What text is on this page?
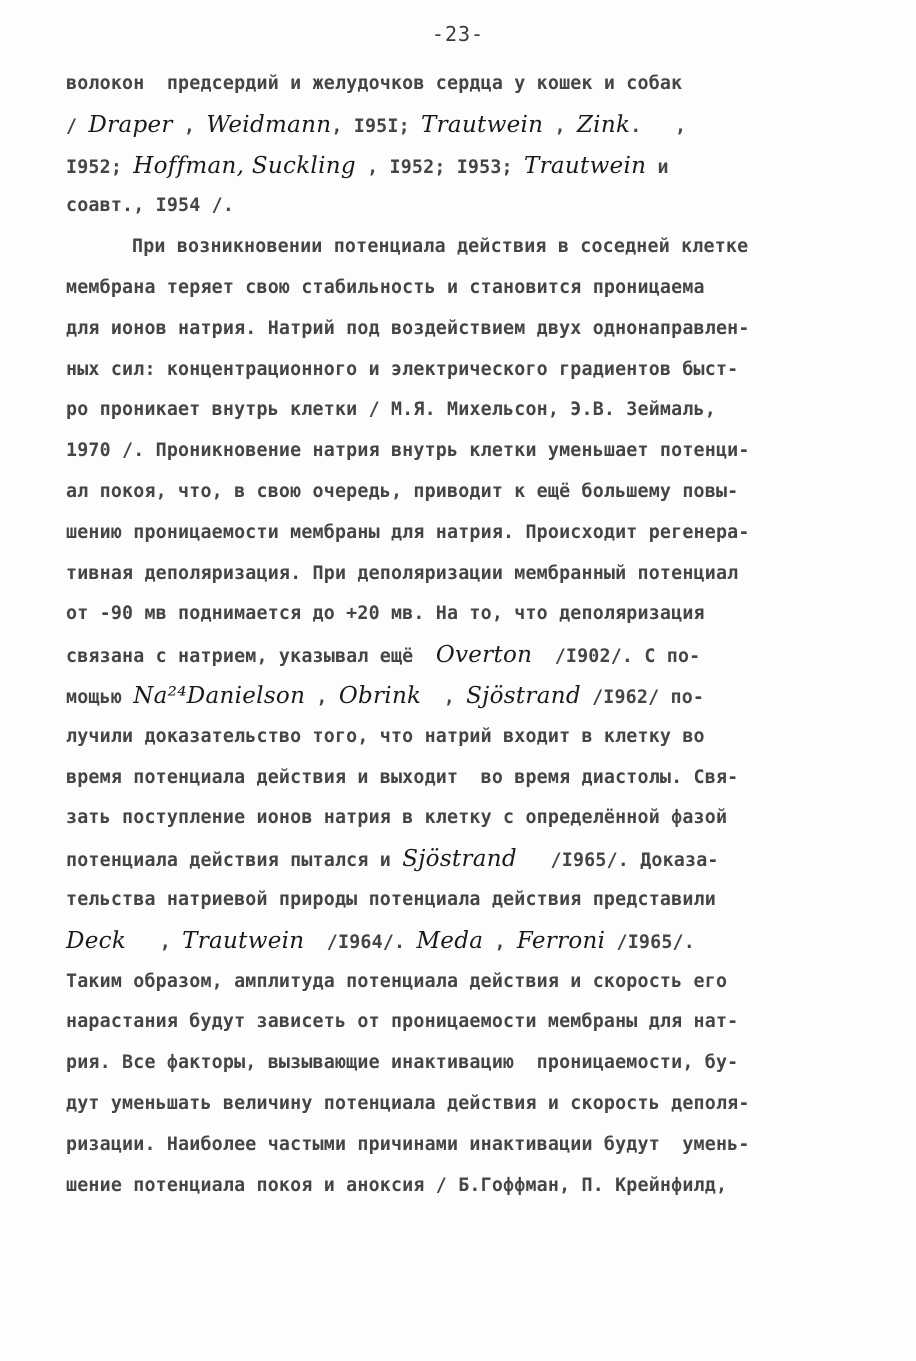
-23-
волокон  предсердий и желудочков сердца у кошек и собак
/ Draper , Weidmann, I95I; Trautwein , Zink.   ,
I952; Hoffman, Suckling , I952; I953; Trautwein и
соавт., I954 /.
При возникновении потенциала действия в соседней клетке
мембрана теряет свою стабильность и становится проницаема
для ионов натрия. Натрий под воздействием двух однонаправлен-
ных сил: концентрационного и электрического градиентов быст-
ро проникает внутрь клетки / М.Я. Михельсон, Э.В. Зеймаль,
1970 /. Проникновение натрия внутрь клетки уменьшает потенци-
ал покоя, что, в свою очередь, приводит к ещё большему повы-
шению проницаемости мембраны для натрия. Происходит регенера-
тивная деполяризация. При деполяризации мембранный потенциал
от -90 мв поднимается до +20 мв. На то, что деполяризация
связана с натрием, указывал ещё  Overton  /I902/. С по-
мощью Na²⁴Danielson , Obrink  , Sjöstrand /I962/ по-
лучили доказательство того, что натрий входит в клетку во
время потенциала действия и выходит  во время диастолы. Свя-
зать поступление ионов натрия в клетку с определённой фазой
потенциала действия пытался и Sjöstrand   /I965/. Доказа-
тельства натриевой природы потенциала действия представили
Deck   , Trautwein  /I964/. Meda , Ferroni /I965/.
Таким образом, амплитуда потенциала действия и скорость его
нарастания будут зависеть от проницаемости мембраны для нат-
рия. Все факторы, вызывающие инактивацию  проницаемости, бу-
дут уменьшать величину потенциала действия и скорость деполя-
ризации. Наиболее частыми причинами инактивации будут  умень-
шение потенциала покоя и аноксия / Б.Гоффман, П. Крейнфилд,
